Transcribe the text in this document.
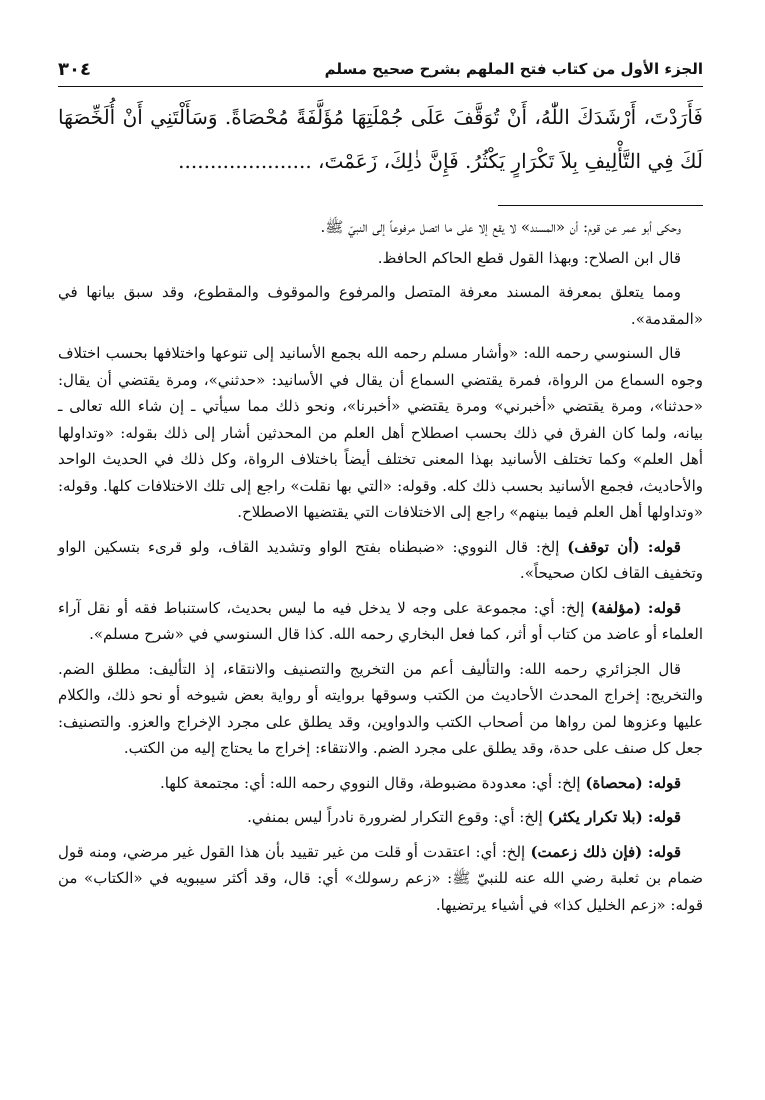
الجزء الأول من كتاب فتح الملهم بشرح صحيح مسلم
٣٠٤
فَأَرَدْتَ، أَرْشَدَكَ اللّٰهُ، أَنْ تُوَقَّفَ عَلَى جُمْلَتِهَا مُؤَلَّفَةً مُحْصَاةً. وَسَأَلْتَنِي أَنْ أُلَخِّصَهَا لَكَ فِي التَّأْلِيفِ بِلاَ تَكْرَارٍ يَكْثُرُ. فَإِنَّ ذٰلِكَ، زَعَمْتَ، .....................

وحكى أبو عمر عن قوم: أن «المسند» لا يقع إلا على ما اتصل مرفوعاً إلى النبيّ ﷺ.

قال ابن الصلاح: وبهذا القول قطع الحاكم الحافظ.

ومما يتعلق بمعرفة المسند معرفة المتصل والمرفوع والموقوف والمقطوع، وقد سبق بيانها في «المقدمة».

قال السنوسي رحمه الله: «وأشار مسلم رحمه الله بجمع الأسانيد إلى تنوعها واختلافها بحسب اختلاف وجوه السماع من الرواة، فمرة يقتضي السماع أن يقال في الأسانيد: «حدثني»، ومرة يقتضي أن يقال: «حدثنا»، ومرة يقتضي «أخبرني» ومرة يقتضي «أخبرنا»، ونحو ذلك مما سيأتي ـ إن شاء الله تعالى ـ بيانه، ولما كان الفرق في ذلك بحسب اصطلاح أهل العلم من المحدثين أشار إلى ذلك بقوله: «وتداولها أهل العلم» وكما تختلف الأسانيد بهذا المعنى تختلف أيضاً باختلاف الرواة، وكل ذلك في الحديث الواحد والأحاديث، فجمع الأسانيد بحسب ذلك كله. وقوله: «التي بها نقلت» راجع إلى تلك الاختلافات كلها. وقوله: «وتداولها أهل العلم فيما بينهم» راجع إلى الاختلافات التي يقتضيها الاصطلاح.

قوله: (أن توقف) إلخ: قال النووي: «ضبطناه بفتح الواو وتشديد القاف، ولو قرىء بتسكين الواو وتخفيف القاف لكان صحيحاً».

قوله: (مؤلفة) إلخ: أي: مجموعة على وجه لا يدخل فيه ما ليس بحديث، كاستنباط فقه أو نقل آراء العلماء أو عاضد من كتاب أو أثر، كما فعل البخاري رحمه الله. كذا قال السنوسي في «شرح مسلم».

قال الجزائري رحمه الله: والتأليف أعم من التخريج والتصنيف والانتقاء، إذ التأليف: مطلق الضم. والتخريج: إخراج المحدث الأحاديث من الكتب وسوقها بروايته أو رواية بعض شيوخه أو نحو ذلك، والكلام عليها وعزوها لمن رواها من أصحاب الكتب والدواوين، وقد يطلق على مجرد الإخراج والعزو. والتصنيف: جعل كل صنف على حدة، وقد يطلق على مجرد الضم. والانتقاء: إخراج ما يحتاج إليه من الكتب.

قوله: (محصاة) إلخ: أي: معدودة مضبوطة، وقال النووي رحمه الله: أي: مجتمعة كلها.

قوله: (بلا تكرار يكثر) إلخ: أي: وقوع التكرار لضرورة نادراً ليس بمنفي.

قوله: (فإن ذلك زعمت) إلخ: أي: اعتقدت أو قلت من غير تقييد بأن هذا القول غير مرضي، ومنه قول ضمام بن ثعلبة رضي الله عنه للنبيّ ﷺ: «زعم رسولك» أي: قال، وقد أكثر سيبويه في «الكتاب» من قوله: «زعم الخليل كذا» في أشياء يرتضيها.
